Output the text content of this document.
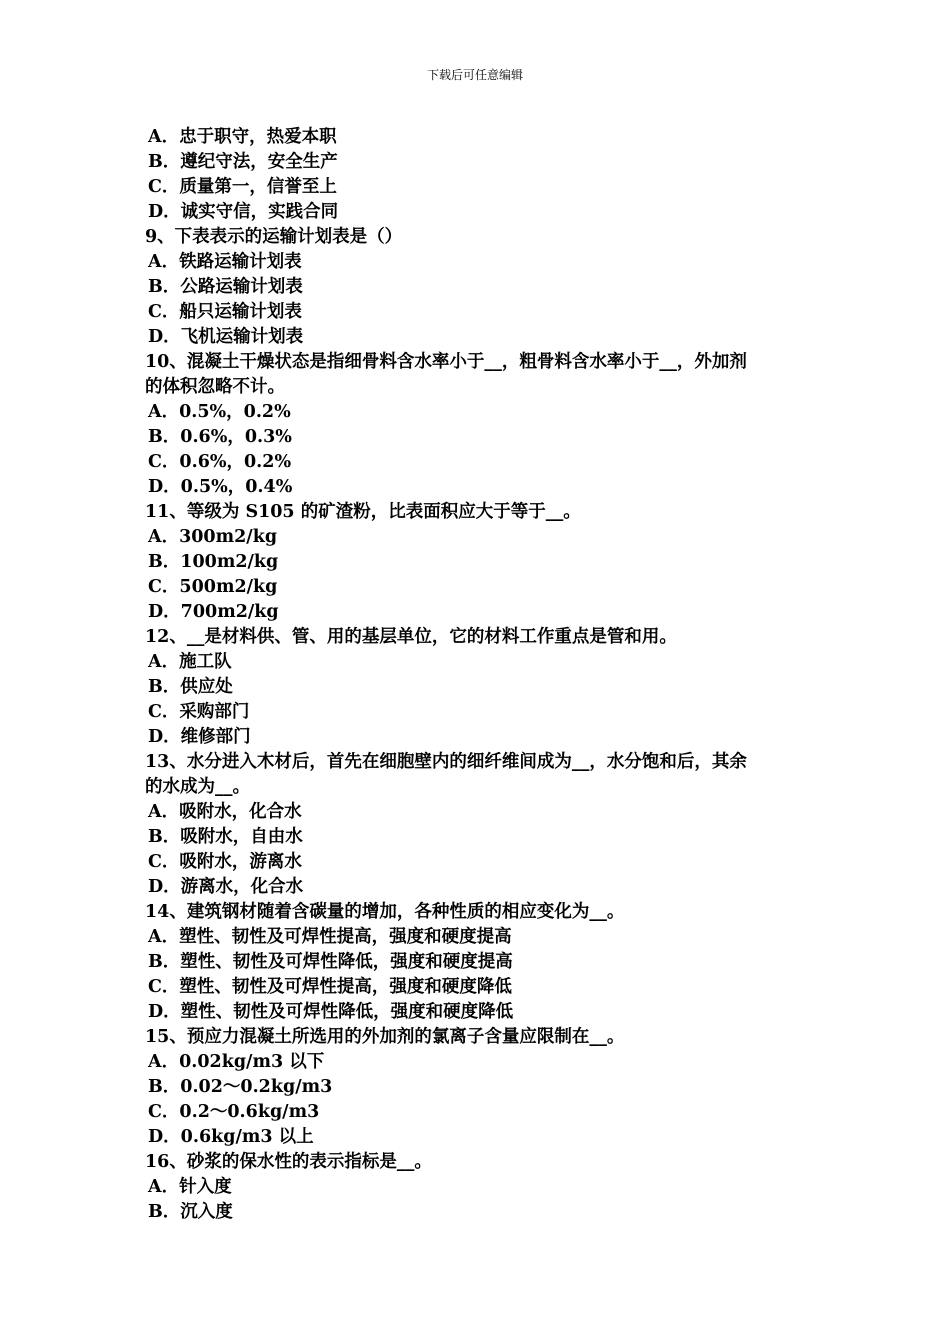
下载后可任意编辑
A．忠于职守，热爱本职
B．遵纪守法，安全生产
C．质量第一，信誉至上
D．诚实守信，实践合同
9、下表表示的运输计划表是（）
A．铁路运输计划表
B．公路运输计划表
C．船只运输计划表
D．飞机运输计划表
10、混凝土干燥状态是指细骨料含水率小于__，粗骨料含水率小于__，外加剂
的体积忽略不计。
A．0.5%，0.2%
B．0.6%，0.3%
C．0.6%，0.2%
D．0.5%，0.4%
11、等级为 S105 的矿渣粉，比表面积应大于等于__。
A．300m2/kg
B．100m2/kg
C．500m2/kg
D．700m2/kg
12、__是材料供、管、用的基层单位，它的材料工作重点是管和用。
A．施工队
B．供应处
C．采购部门
D．维修部门
13、水分进入木材后，首先在细胞壁内的细纤维间成为__，水分饱和后，其余
的水成为__。
A．吸附水，化合水
B．吸附水，自由水
C．吸附水，游离水
D．游离水，化合水
14、建筑钢材随着含碳量的增加，各种性质的相应变化为__。
A．塑性、韧性及可焊性提高，强度和硬度提高
B．塑性、韧性及可焊性降低，强度和硬度提高
C．塑性、韧性及可焊性提高，强度和硬度降低
D．塑性、韧性及可焊性降低，强度和硬度降低
15、预应力混凝土所选用的外加剂的氯离子含量应限制在__。
A．0.02kg/m3 以下
B．0.02～0.2kg/m3
C．0.2～0.6kg/m3
D．0.6kg/m3 以上
16、砂浆的保水性的表示指标是__。
A．针入度
B．沉入度
